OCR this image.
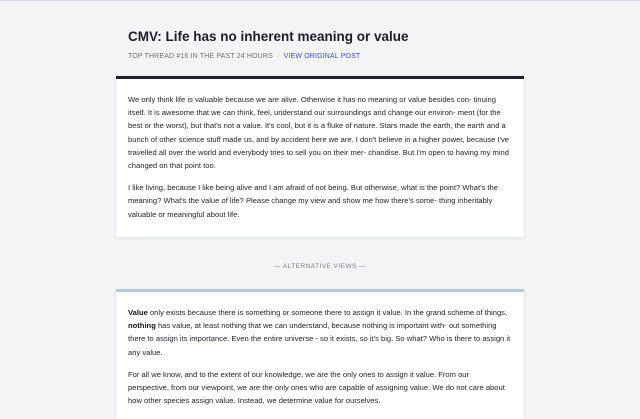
CMV: Life has no inherent meaning or value
TOP THREAD #16 IN THE PAST 24 HOURS · VIEW ORIGINAL POST

We only think life is valuable because we are alive. Otherwise it has no meaning or value besides con- tinuing itself. It is awesome that we can think, feel, understand our surroundings and change our environ- ment (for the best or the worst), but that's not a value. It's cool, but it is a fluke of nature. Stars made the earth, the earth and a bunch of other science stuff made us, and by accident here we are. I don't believe in a higher power, because I've travelled all over the world and everybody tries to sell you on their mer- chandise. But I'm open to having my mind changed on that point too.

I like living, because I like being alive and I am afraid of not being. But otherwise, what is the point? What's the meaning? What's the value of life? Please change my view and show me how there's some- thing inheritably valuable or meaningful about life.

— ALTERNATIVE VIEWS —

Value only exists because there is something or someone there to assign it value. In the grand scheme of things, nothing has value, at least nothing that we can understand, because nothing is important with- out something there to assign its importance. Even the entire universe - so it exists, so it's big. So what? Who is there to assign it any value.

For all we know, and to the extent of our knowledge, we are the only ones to assign it value. From our perspective, from our viewpoint, we are the only ones who are capable of assigning value. We do not care about how other species assign value. Instead, we determine value for ourselves.
